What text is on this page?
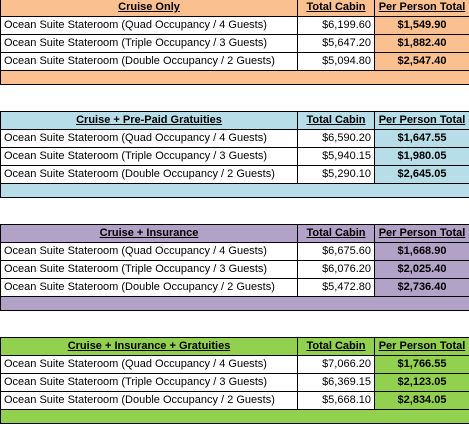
Cruise Only	Total Cabin	Per Person Total
Ocean Suite Stateroom (Quad Occupancy / 4 Guests)	$6,199.60	$1,549.90
Ocean Suite Stateroom (Triple Occupancy / 3 Guests)	$5,647.20	$1,882.40
Ocean Suite Stateroom (Double Occupancy / 2 Guests)	$5,094.80	$2,547.40

Cruise + Pre-Paid Gratuities	Total Cabin	Per Person Total
Ocean Suite Stateroom (Quad Occupancy / 4 Guests)	$6,590.20	$1,647.55
Ocean Suite Stateroom (Triple Occupancy / 3 Guests)	$5,940.15	$1,980.05
Ocean Suite Stateroom (Double Occupancy / 2 Guests)	$5,290.10	$2,645.05

Cruise + Insurance	Total Cabin	Per Person Total
Ocean Suite Stateroom (Quad Occupancy / 4 Guests)	$6,675.60	$1,668.90
Ocean Suite Stateroom (Triple Occupancy / 3 Guests)	$6,076.20	$2,025.40
Ocean Suite Stateroom (Double Occupancy / 2 Guests)	$5,472.80	$2,736.40

Cruise + Insurance + Gratuities	Total Cabin	Per Person Total
Ocean Suite Stateroom (Quad Occupancy / 4 Guests)	$7,066.20	$1,766.55
Ocean Suite Stateroom (Triple Occupancy / 3 Guests)	$6,369.15	$2,123.05
Ocean Suite Stateroom (Double Occupancy / 2 Guests)	$5,668.10	$2,834.05
